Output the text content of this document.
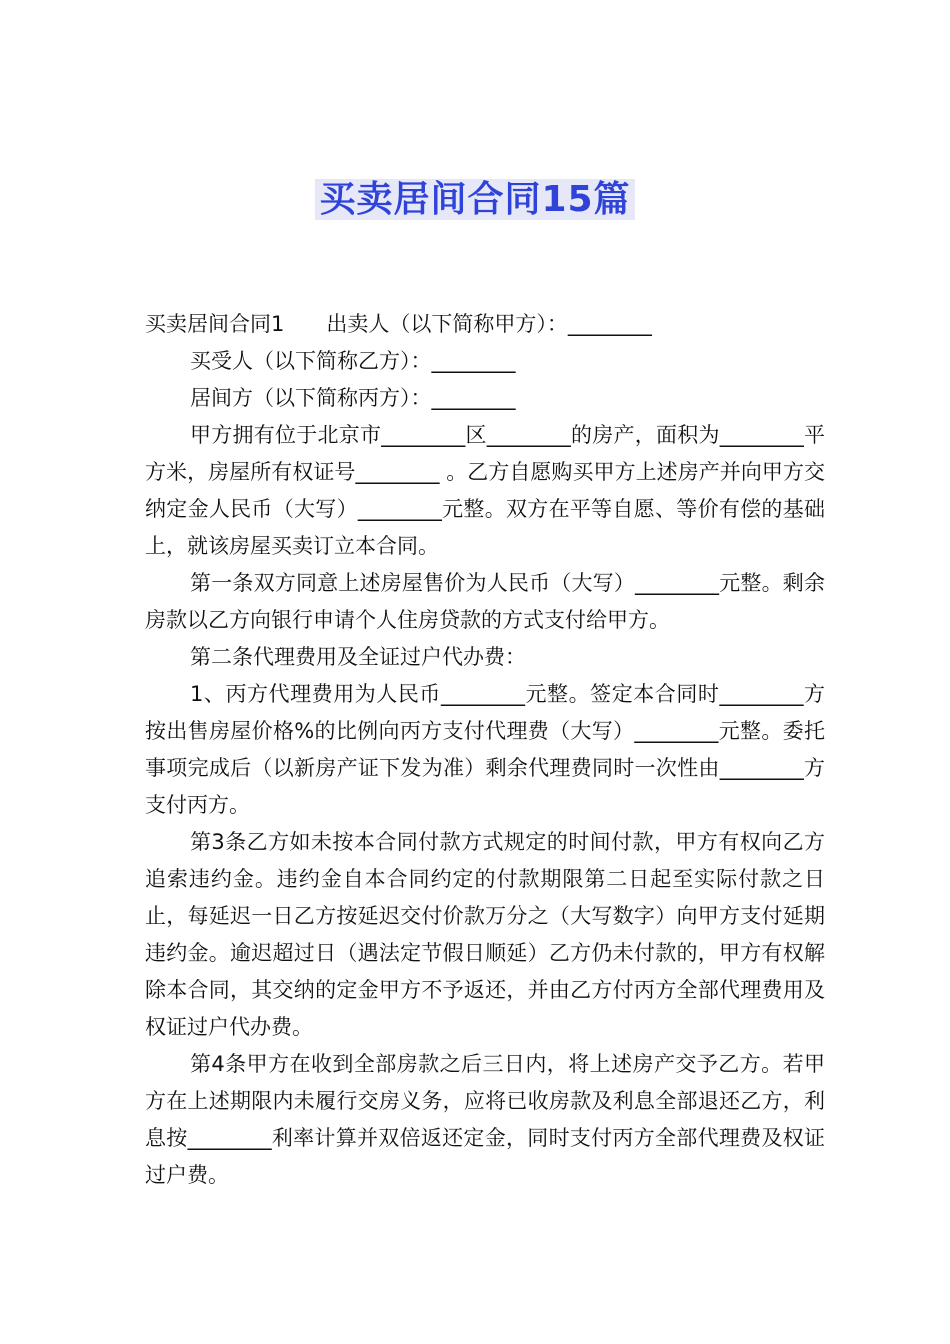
买卖居间合同15篇

买卖居间合同1 出卖人（以下简称甲方）：________

买受人（以下简称乙方）：________

居间方（以下简称丙方）：________

甲方拥有位于北京市________区________的房产，面积为________平方米，房屋所有权证号________ 。乙方自愿购买甲方上述房产并向甲方交纳定金人民币（大写）________元整。双方在平等自愿、等价有偿的基础上，就该房屋买卖订立本合同。

第一条双方同意上述房屋售价为人民币（大写）________元整。剩余房款以乙方向银行申请个人住房贷款的方式支付给甲方。

第二条代理费用及全证过户代办费：

1、丙方代理费用为人民币________元整。签定本合同时________方按出售房屋价格%的比例向丙方支付代理费（大写）________元整。委托事项完成后（以新房产证下发为准）剩余代理费同时一次性由________方支付丙方。

第3条乙方如未按本合同付款方式规定的时间付款，甲方有权向乙方追索违约金。违约金自本合同约定的付款期限第二日起至实际付款之日止，每延迟一日乙方按延迟交付价款万分之（大写数字）向甲方支付延期违约金。逾迟超过日（遇法定节假日顺延）乙方仍未付款的，甲方有权解除本合同，其交纳的定金甲方不予返还，并由乙方付丙方全部代理费用及权证过户代办费。

第4条甲方在收到全部房款之后三日内，将上述房产交予乙方。若甲方在上述期限内未履行交房义务，应将已收房款及利息全部退还乙方，利息按________利率计算并双倍返还定金，同时支付丙方全部代理费及权证过户费。
